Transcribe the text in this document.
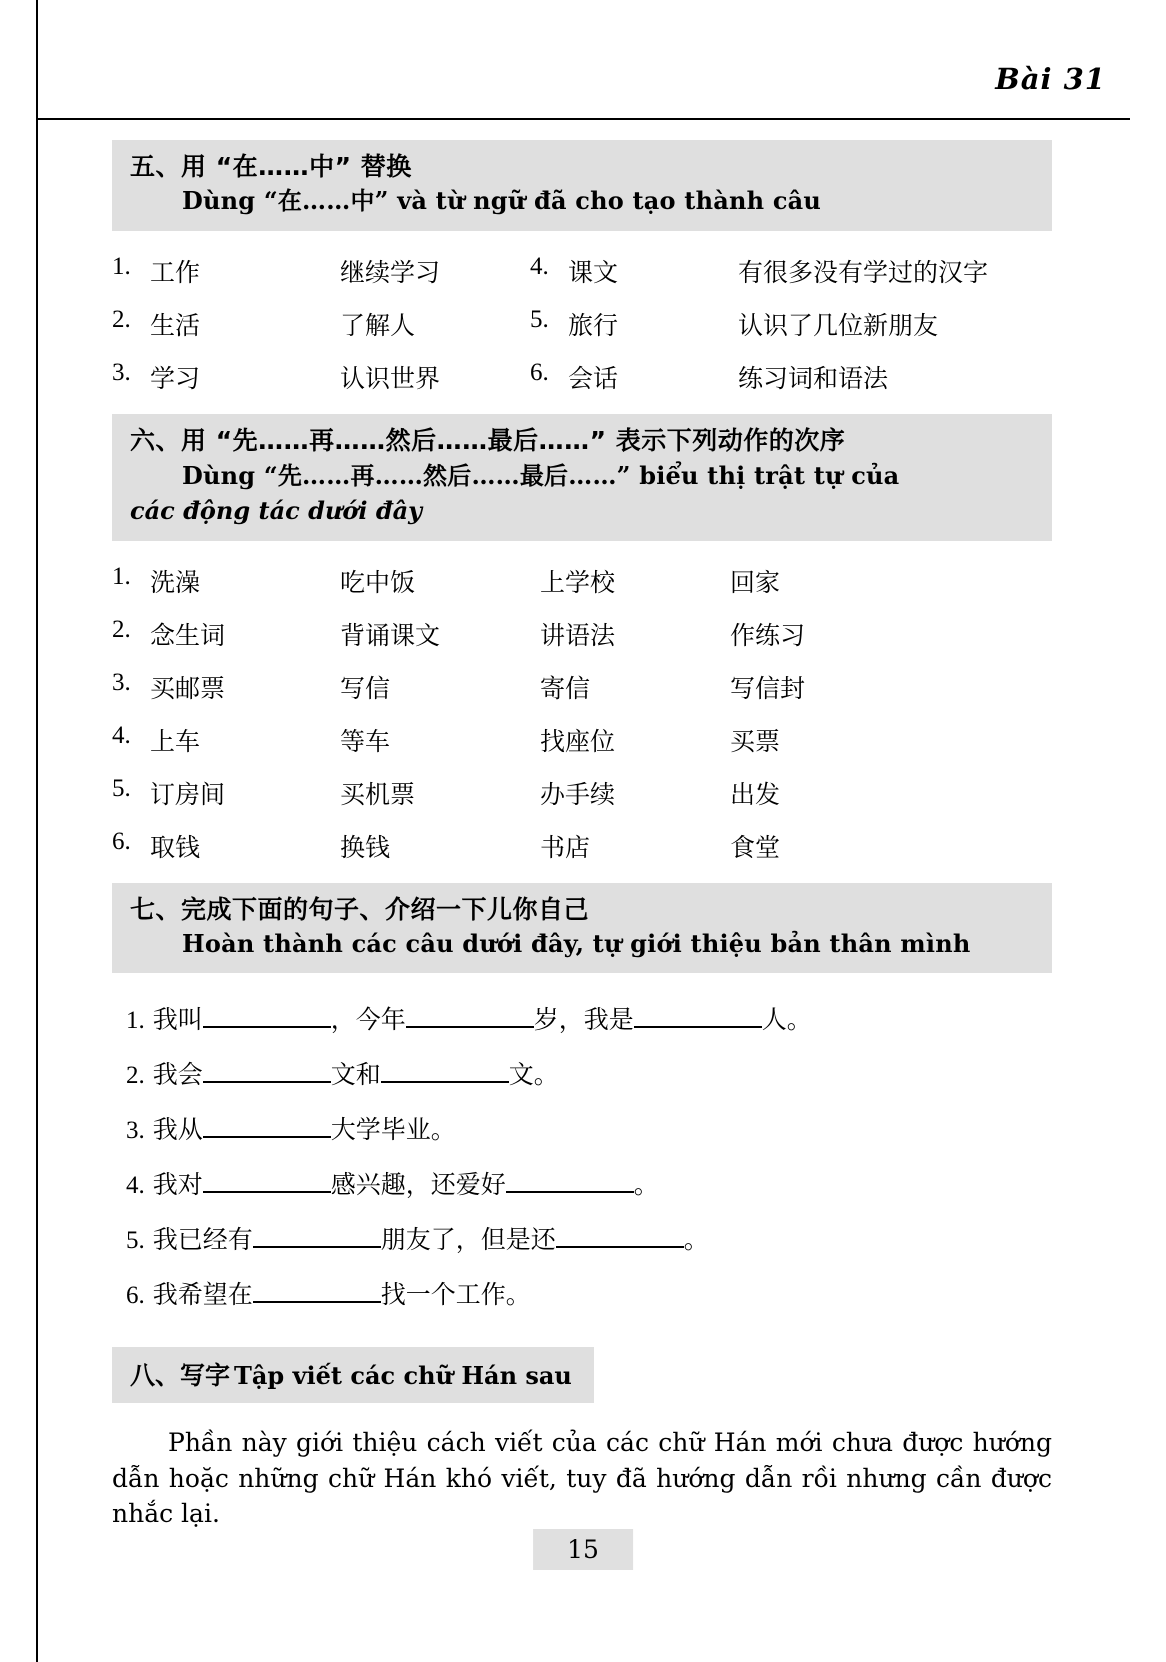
Bài 31
五、用 “在……中” 替换
Dùng “在……中” và từ ngữ đã cho tạo thành câu
1.	工作	继续学习	4.	课文	有很多没有学过的汉字
2.	生活	了解人	5.	旅行	认识了几位新朋友
3.	学习	认识世界	6.	会话	练习词和语法
六、用 “先……再……然后……最后……” 表示下列动作的次序
Dùng “先……再……然后……最后……” biểu thị trật tự của
các động tác dưới đây
1.	洗澡	吃中饭	上学校	回家
2.	念生词	背诵课文	讲语法	作练习
3.	买邮票	写信	寄信	写信封
4.	上车	等车	找座位	买票
5.	订房间	买机票	办手续	出发
6.	取钱	换钱	书店	食堂
七、完成下面的句子、介绍一下儿你自己
Hoàn thành các câu dưới đây, tự giới thiệu bản thân mình
1. 我叫	，今年	岁，我是	人。
2. 我会	文和	文。
3. 我从	大学毕业。
4. 我对	感兴趣，还爱好	。
5. 我已经有	朋友了，但是还	。
6. 我希望在	找一个工作。
八、写字 Tập viết các chữ Hán sau
Phần này giới thiệu cách viết của các chữ Hán mới chưa được hướng dẫn hoặc những chữ Hán khó viết, tuy đã hướng dẫn rồi nhưng cần được nhắc lại.
15
